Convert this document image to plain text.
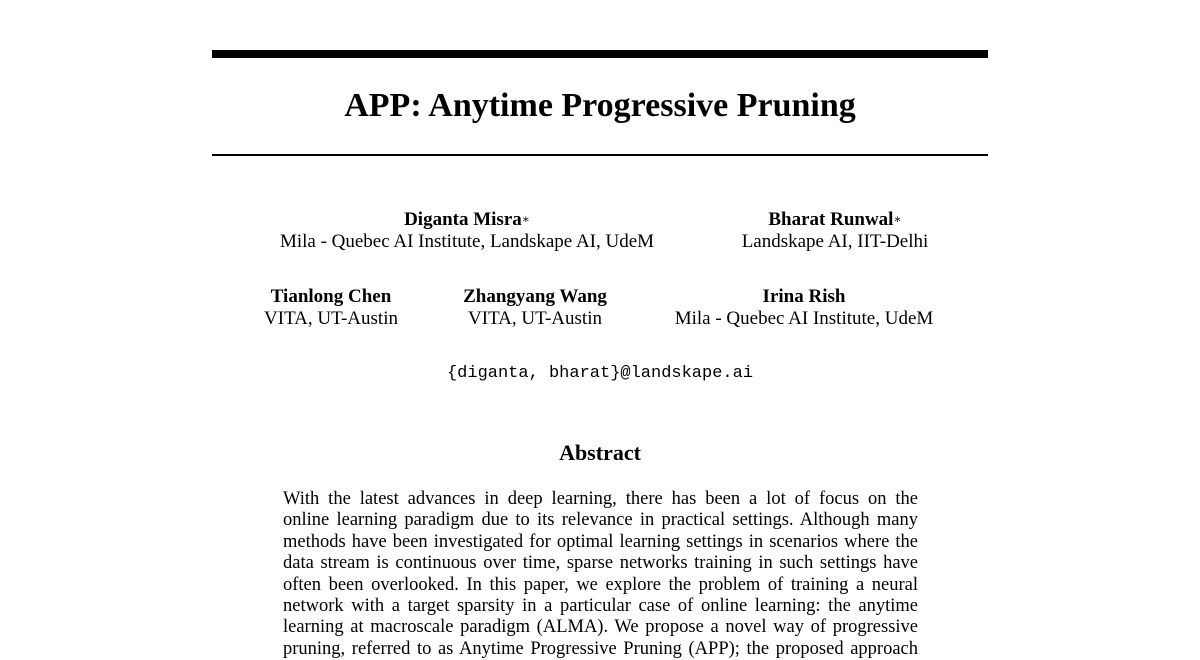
APP: Anytime Progressive Pruning
Diganta Misra∗
Mila - Quebec AI Institute, Landskape AI, UdeM
Bharat Runwal∗
Landskape AI, IIT-Delhi
Tianlong Chen
VITA, UT-Austin
Zhangyang Wang
VITA, UT-Austin
Irina Rish
Mila - Quebec AI Institute, UdeM
{diganta, bharat}@landskape.ai
Abstract
With the latest advances in deep learning, there has been a lot of focus on the
online learning paradigm due to its relevance in practical settings. Although many
methods have been investigated for optimal learning settings in scenarios where the
data stream is continuous over time, sparse networks training in such settings have
often been overlooked. In this paper, we explore the problem of training a neural
network with a target sparsity in a particular case of online learning: the anytime
learning at macroscale paradigm (ALMA). We propose a novel way of progressive
pruning, referred to as Anytime Progressive Pruning (APP); the proposed approach
